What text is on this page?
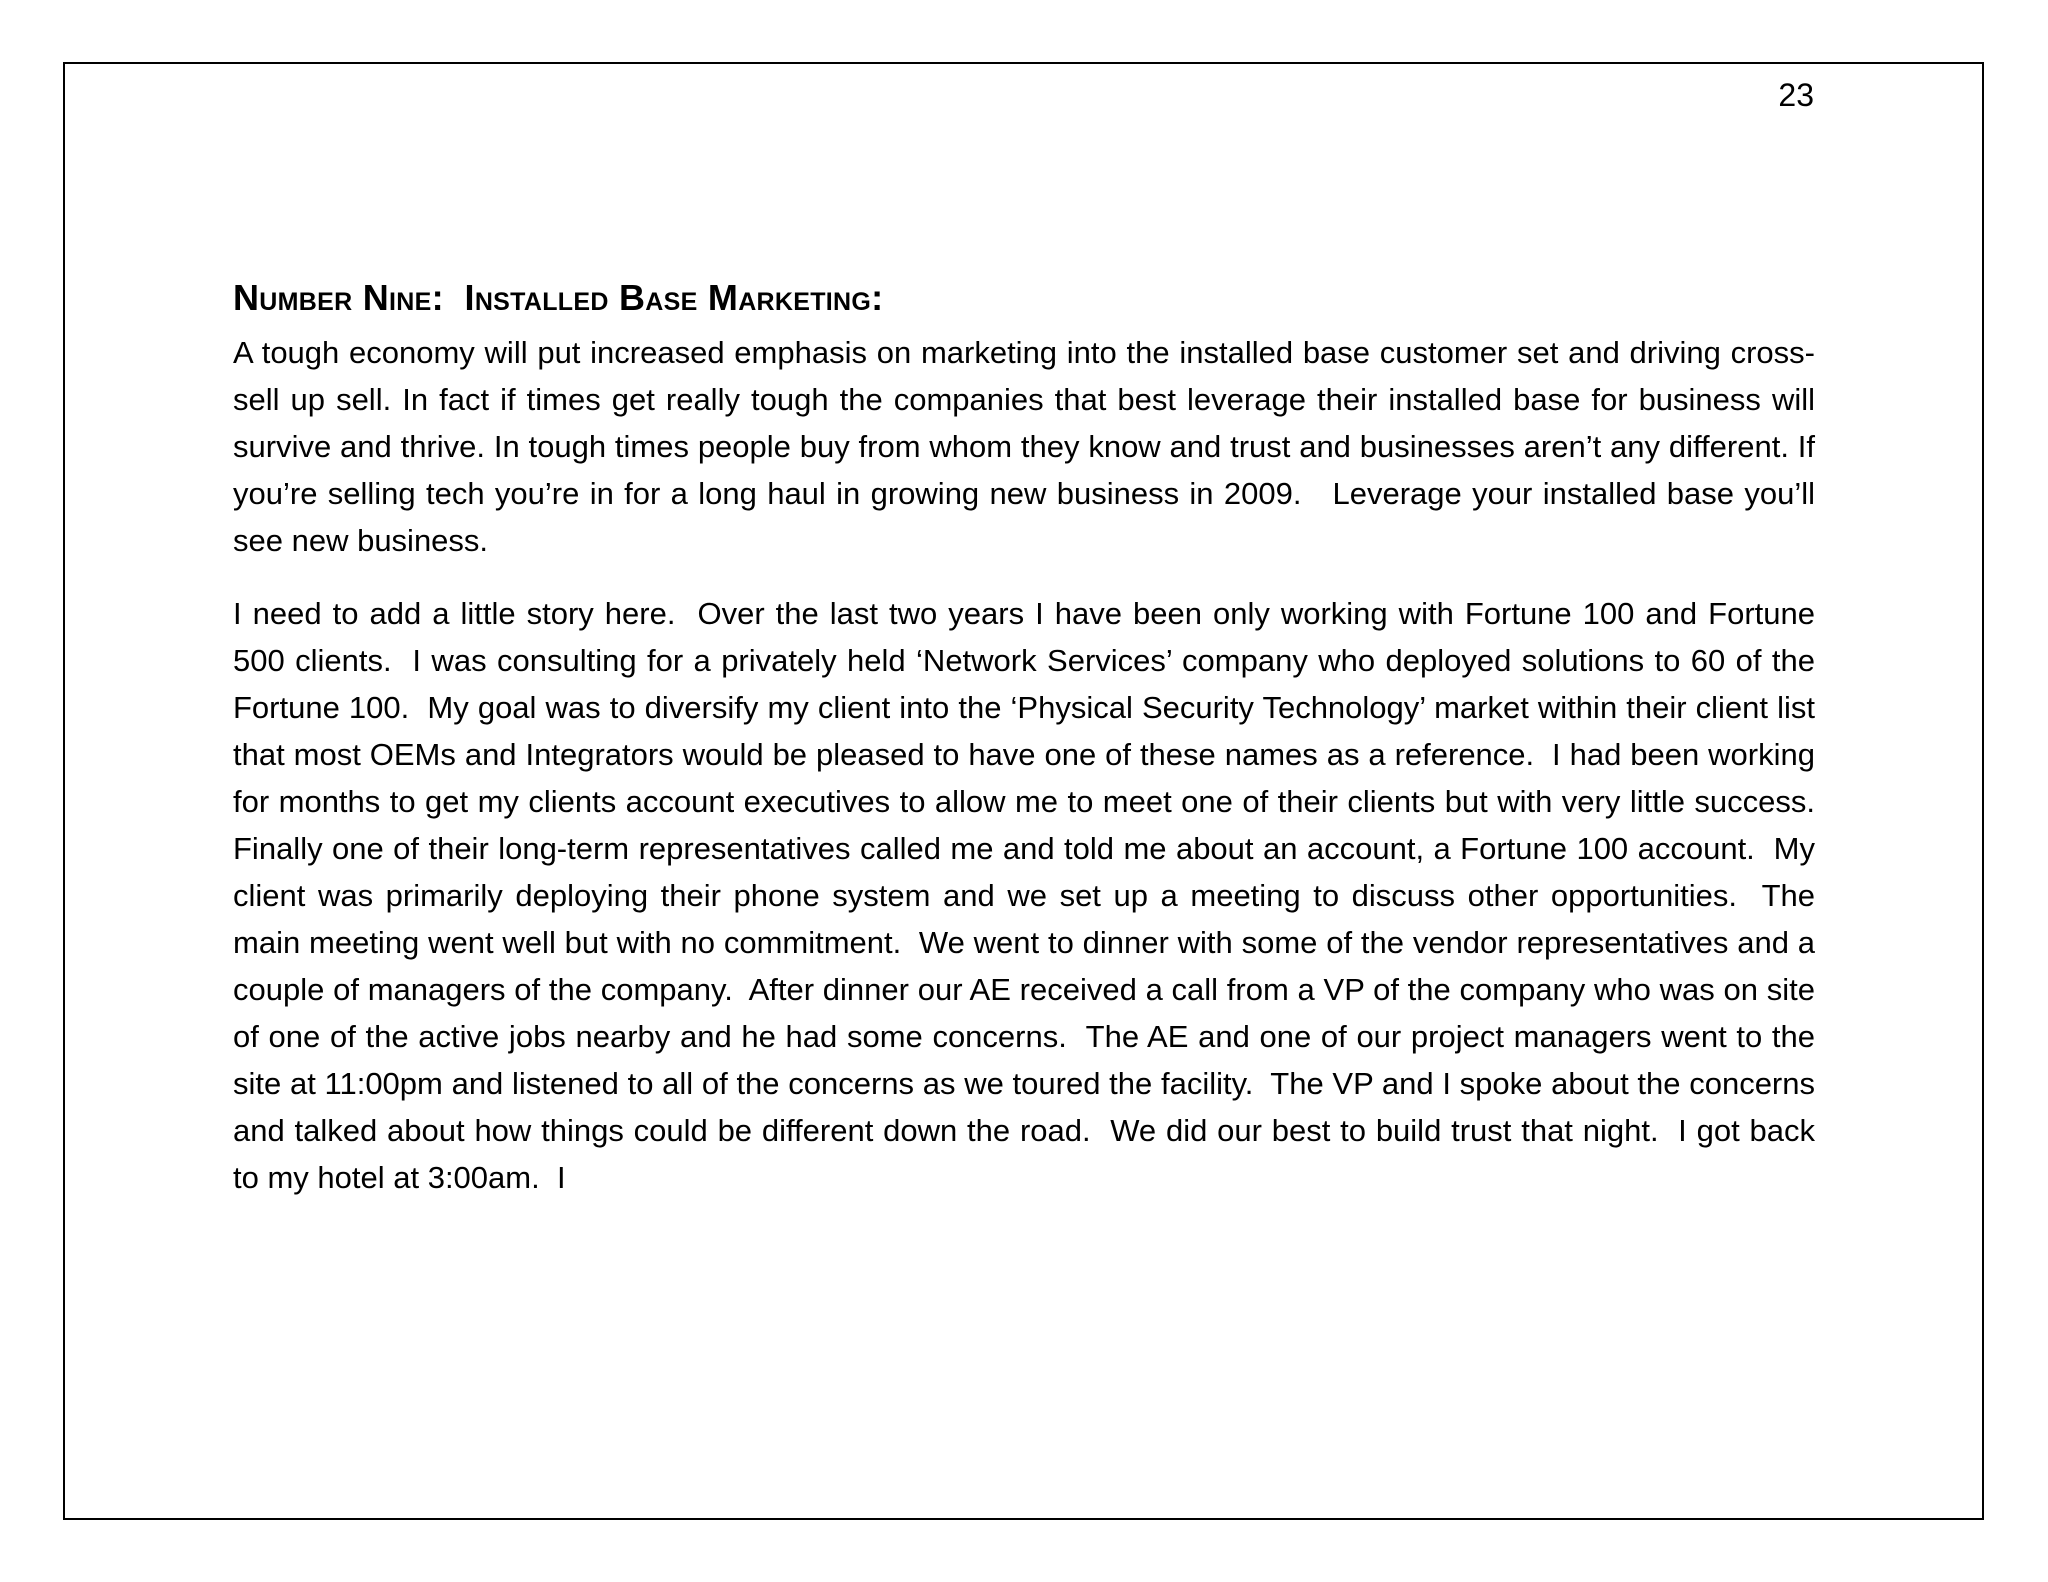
23
Number Nine:  Installed Base Marketing:

A tough economy will put increased emphasis on marketing into the installed base customer set and driving cross-sell up sell. In fact if times get really tough the companies that best leverage their installed base for business will survive and thrive. In tough times people buy from whom they know and trust and businesses aren’t any different. If you’re selling tech you’re in for a long haul in growing new business in 2009.   Leverage your installed base you’ll see new business.

I need to add a little story here.  Over the last two years I have been only working with Fortune 100 and Fortune 500 clients.  I was consulting for a privately held ‘Network Services’ company who deployed solutions to 60 of the Fortune 100.  My goal was to diversify my client into the ‘Physical Security Technology’ market within their client list that most OEMs and Integrators would be pleased to have one of these names as a reference.  I had been working for months to get my clients account executives to allow me to meet one of their clients but with very little success.    Finally one of their long-term representatives called me and told me about an account, a Fortune 100 account.  My client was primarily deploying their phone system and we set up a meeting to discuss other opportunities.  The main meeting went well but with no commitment.  We went to dinner with some of the vendor representatives and a couple of managers of the company.  After dinner our AE received a call from a VP of the company who was on site of one of the active jobs nearby and he had some concerns.  The AE and one of our project managers went to the site at 11:00pm and listened to all of the concerns as we toured the facility.  The VP and I spoke about the concerns and talked about how things could be different down the road.  We did our best to build trust that night.  I got back to my hotel at 3:00am.  I
